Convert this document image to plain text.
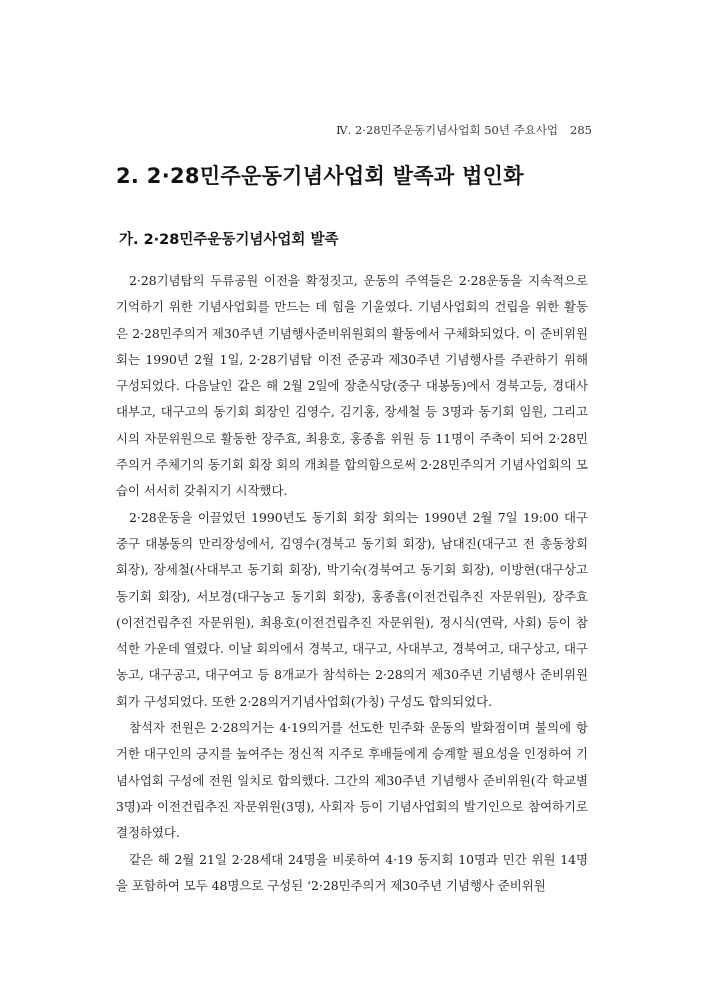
Ⅳ. 2·28민주운동기념사업회 50년 주요사업 285
2. 2·28민주운동기념사업회 발족과 법인화
가. 2·28민주운동기념사업회 발족

2·28기념탑의 두류공원 이전을 확정짓고, 운동의 주역들은 2·28운동을 지속적으로 기억하기 위한 기념사업회를 만드는 데 힘을 기울였다. 기념사업회의 건립을 위한 활동은 2·28민주의거 제30주년 기념행사준비위원회의 활동에서 구체화되었다. 이 준비위원회는 1990년 2월 1일, 2·28기념탑 이전 준공과 제30주년 기념행사를 주관하기 위해 구성되었다. 다음날인 같은 해 2월 2일에 장춘식당(중구 대봉동)에서 경북고등, 경대사대부고, 대구고의 동기회 회장인 김영수, 김기홍, 장세철 등 3명과 동기회 임원, 그리고 시의 자문위원으로 활동한 장주효, 최용호, 홍종흠 위원 등 11명이 주축이 되어 2·28민주의거 주체기의 동기회 회장 회의 개최를 합의함으로써 2·28민주의거 기념사업회의 모습이 서서히 갖춰지기 시작했다.

2·28운동을 이끌었던 1990년도 동기회 회장 회의는 1990년 2월 7일 19:00 대구 중구 대봉동의 만리장성에서, 김영수(경북고 동기회 회장), 남대진(대구고 전 총동창회 회장), 장세철(사대부고 동기회 회장), 박기숙(경북여고 동기회 회장), 이방현(대구상고 동기회 회장), 서보경(대구농고 동기회 회장), 홍종흠(이전건립추진 자문위원), 장주효(이전건립추진 자문위원), 최용호(이전건립추진 자문위원), 정시식(연락, 사회) 등이 참석한 가운데 열렸다. 이날 회의에서 경북고, 대구고, 사대부고, 경북여고, 대구상고, 대구농고, 대구공고, 대구여고 등 8개교가 참석하는 2·28의거 제30주년 기념행사 준비위원회가 구성되었다. 또한 2·28의거기념사업회(가칭) 구성도 합의되었다.

참석자 전원은 2·28의거는 4·19의거를 선도한 민주화 운동의 발화점이며 불의에 항거한 대구인의 긍지를 높여주는 정신적 지주로 후배들에게 승계할 필요성을 인정하여 기념사업회 구성에 전원 일치로 합의했다. 그간의 제30주년 기념행사 준비위원(각 학교별 3명)과 이전건립추진 자문위원(3명), 사회자 등이 기념사업회의 발기인으로 참여하기로 결정하였다.

같은 해 2월 21일 2·28세대 24명을 비롯하여 4·19 동지회 10명과 민간 위원 14명을 포함하여 모두 48명으로 구성된 ‘2·28민주의거 제30주년 기념행사 준비위원
